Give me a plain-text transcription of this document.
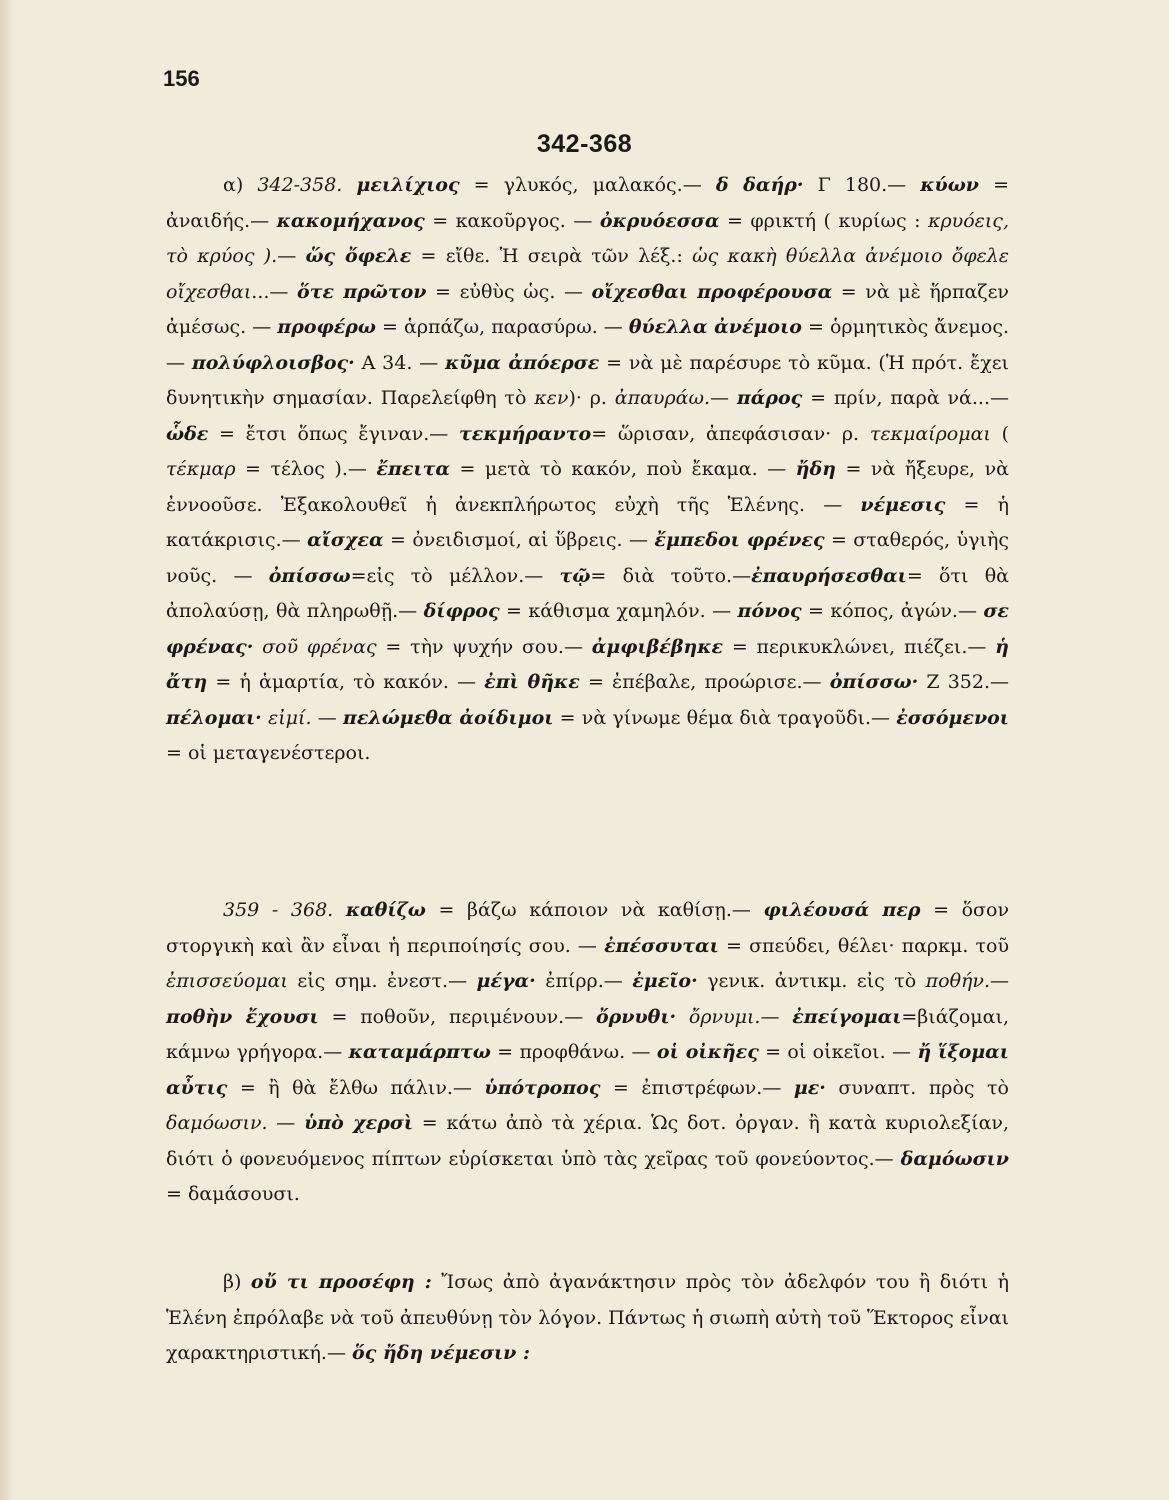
156
342-368
α) 342-358. μειλίχιος = γλυκός, μαλακός.— δ δαήρ· Γ 180.— κύων = ἀναιδής.— κακομήχανος = κακοῦργος. — ὀκρυόεσσα = φρικτή ( κυρίως : κρυόεις, τὸ κρύος ).— ὥς ὄφελε = εἴθε. Ἡ σειρὰ τῶν λέξ.: ὡς κακὴ θύελλα ἀνέμοιο ὄφελε οἴχεσθαι...— ὅτε πρῶτον = εὐθὺς ὡς. — οἴχεσθαι προφέρουσα = νὰ μὲ ἥρπαζεν ἀμέσως. — προφέρω = ἁρπάζω, παρασύρω. — θύελλα ἀνέμοιο = ὁρμητικὸς ἄνεμος.— πολύφλοισβος· Α 34. — κῦμα ἀπόερσε = νὰ μὲ παρέσυρε τὸ κῦμα. (Ἡ πρότ. ἔχει δυνητικὴν σημασίαν. Παρελείφθη τὸ κεν)· ρ. ἀπαυράω.— πάρος = πρίν, παρὰ νά...— ὧδε = ἔτσι ὅπως ἔγιναν.— τεκμήραντο= ὥρισαν, ἀπεφάσισαν· ρ. τεκμαίρομαι ( τέκμαρ = τέλος ).— ἔπειτα = μετὰ τὸ κακόν, ποὺ ἔκαμα. — ἤδη = νὰ ἤξευρε, νὰ ἐννοοῦσε. Ἐξακολουθεῖ ἡ ἀνεκπλήρωτος εὐχὴ τῆς Ἑλένης. — νέμεσις = ἡ κατάκρισις.— αἴσχεα = ὀνειδισμοί, αἱ ὕβρεις. — ἔμπεδοι φρένες = σταθερός, ὑγιὴς νοῦς. — ὀπίσσω=εἰς τὸ μέλλον.— τῷ= διὰ τοῦτο.—ἐπαυρήσεσθαι= ὅτι θὰ ἀπολαύσῃ, θὰ πληρωθῇ.— δίφρος = κάθισμα χαμηλόν. — πόνος = κόπος, ἀγών.— σε φρένας· σοῦ φρένας = τὴν ψυχήν σου.— ἀμφιβέβηκε = περικυκλώνει, πιέζει.— ἡ ἄτη = ἡ ἁμαρτία, τὸ κακόν. — ἐπὶ θῆκε = ἐπέβαλε, προώρισε.— ὀπίσσω· Ζ 352.— πέλομαι· εἰμί. — πελώμεθα ἀοίδιμοι = νὰ γίνωμε θέμα διὰ τραγοῦδι.— ἐσσόμενοι = οἱ μεταγενέστεροι.
359 - 368. καθίζω = βάζω κάποιον νὰ καθίσῃ.— φιλέουσά περ = ὅσον στοργικὴ καὶ ἂν εἶναι ἡ περιποίησίς σου. — ἐπέσσυται = σπεύδει, θέλει· παρκμ. τοῦ ἐπισσεύομαι εἰς σημ. ἐνεστ.— μέγα· ἐπίρρ.— ἐμεῖο· γενικ. ἀντικμ. εἰς τὸ ποθήν.— ποθὴν ἔχουσι = ποθοῦν, περιμένουν.— ὄρνυθι· ὄρνυμι.— ἐπείγομαι=βιάζομαι, κάμνω γρήγορα.— καταμάρπτω = προφθάνω. — οἱ οἰκῆες = οἱ οἰκεῖοι. — ἤ ἵξομαι αὖτις = ἢ θὰ ἔλθω πάλιν.— ὑπότροπος = ἐπιστρέφων.— με· συναπτ. πρὸς τὸ δαμόωσιν. — ὑπὸ χερσὶ = κάτω ἀπὸ τὰ χέρια. Ὡς δοτ. ὀργαν. ἢ κατὰ κυριολεξίαν, διότι ὁ φονευόμενος πίπτων εὑρίσκεται ὑπὸ τὰς χεῖρας τοῦ φονεύοντος.— δαμόωσιν = δαμάσουσι.
β) οὔ τι προσέφη : Ἴσως ἀπὸ ἀγανάκτησιν πρὸς τὸν ἀδελφόν του ἢ διότι ἡ Ἑλένη ἐπρόλαβε νὰ τοῦ ἀπευθύνῃ τὸν λόγον. Πάντως ἡ σιωπὴ αὐτὴ τοῦ Ἕκτορος εἶναι χαρακτηριστική.— ὅς ἤδη νέμεσιν :
